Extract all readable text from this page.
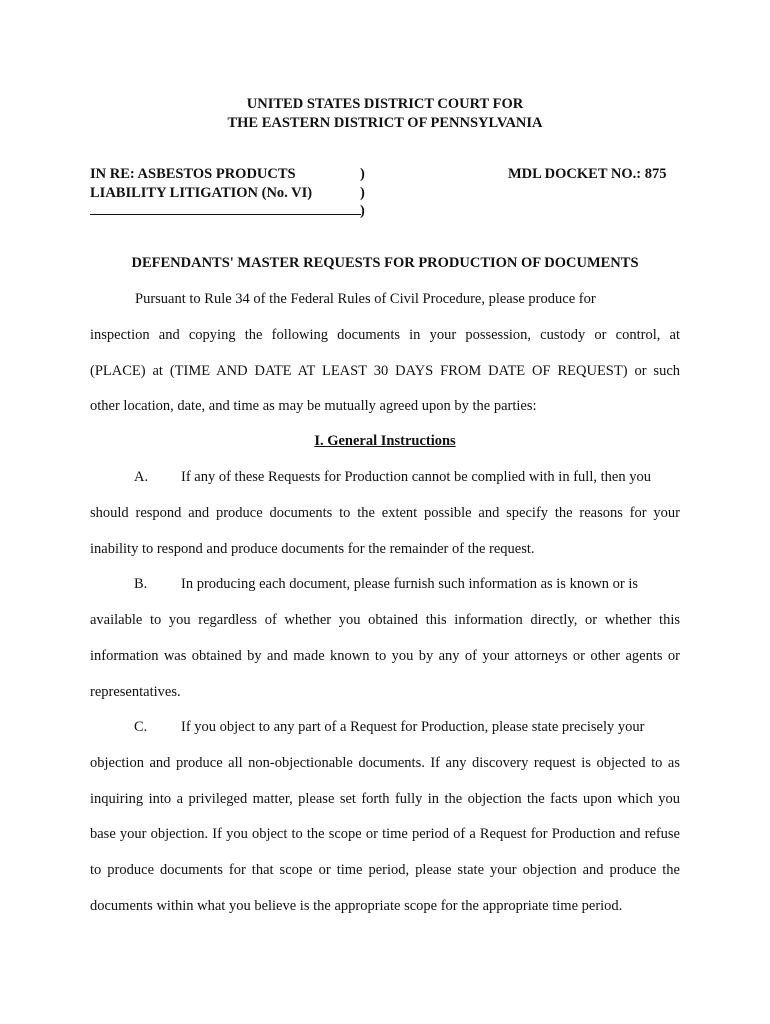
UNITED STATES DISTRICT COURT FOR
THE EASTERN DISTRICT OF PENNSYLVANIA
IN RE: ASBESTOS PRODUCTS
LIABILITY LITIGATION (No. VI)
)
)
)
MDL DOCKET NO.: 875
DEFENDANTS' MASTER REQUESTS FOR PRODUCTION OF DOCUMENTS
Pursuant to Rule 34 of the Federal Rules of Civil Procedure, please produce for
inspection and copying the following documents in your possession, custody or control, at
(PLACE) at (TIME AND DATE AT LEAST 30 DAYS FROM DATE OF REQUEST) or such
other location, date, and time as may be mutually agreed upon by the parties:
I. General Instructions
A. If any of these Requests for Production cannot be complied with in full, then you
should respond and produce documents to the extent possible and specify the reasons for your
inability to respond and produce documents for the remainder of the request.
B. In producing each document, please furnish such information as is known or is
available to you regardless of whether you obtained this information directly, or whether this
information was obtained by and made known to you by any of your attorneys or other agents or
representatives.
C. If you object to any part of a Request for Production, please state precisely your
objection and produce all non-objectionable documents. If any discovery request is objected to as
inquiring into a privileged matter, please set forth fully in the objection the facts upon which you
base your objection. If you object to the scope or time period of a Request for Production and refuse
to produce documents for that scope or time period, please state your objection and produce the
documents within what you believe is the appropriate scope for the appropriate time period.
